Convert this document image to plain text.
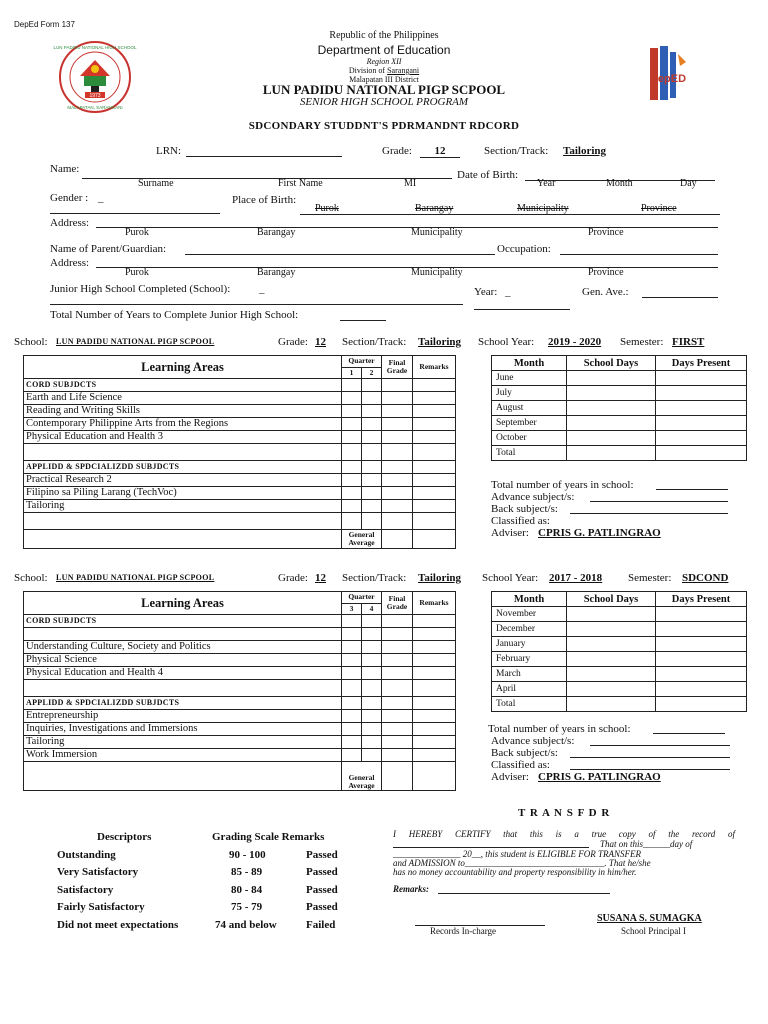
DepEd Form 137
1973
LUN PADIDU NATIONAL HIGH SCHOOL
MALAPATAN, SARANGANI
DepED
Republic of the Philippines
Department of Education
Region XII
Division of Sarangani
Malapatan III District
LUN PADIDU NATIONAL PIGP SCPOOL
SENIOR HIGH SCHOOL PROGRAM
SDCONDARY STUDDNT'S PDRMANDNT RDCORD
LRN:	Grade:	12	Section/Track: Tailoring
Name:
Surname	First Name	MI
Date of Birth:
Year	Month	Day
Gender : _	Place of Birth:
Purok	Barangay	Municipality	Province
Address:
Purok	Barangay	Municipality	Province
Name of Parent/Guardian:	Occupation:
Address:
Purok	Barangay	Municipality	Province
Junior High School Completed (School):	_	Year: _	Gen. Ave.:
Total Number of Years to Complete Junior High School:
School: LUN PADIDU NATIONAL PIGP SCPOOL	Grade: 12 Section/Track: Tailoring School Year: 2019 - 2020 Semester: FIRST
Learning Areas	Quarter		Final Grade	Remarks

	1	2		

CORD SUBJDCTS				
Earth and Life Science				
Reading and Writing Skills				
Contemporary Philippine Arts from the Regions				
Physical Education and Health 3				

APPLIDD & SPDCIALIZDD SUBJDCTS				
Practical Research 2				
Filipino sa Piling Larang (TechVoc)				
Tailoring				

	General Average			

Month	School Days	Days Present
June		
July		
August		
September		
October		
Total		
Total number of years in school:
Advance subject/s:
Back subject/s:
Classified as:
Adviser: CPRIS G. PATLINGRAO
School: LUN PADIDU NATIONAL PIGP SCPOOL	Grade: 12 Section/Track: Tailoring School Year: 2017 - 2018 Semester: SDCOND
Learning Areas	Quarter		Final Grade	Remarks

	3	4		

CORD SUBJDCTS				

Understanding Culture, Society and Politics				
Physical Science				
Physical Education and Health 4				

APPLIDD & SPDCIALIZDD SUBJDCTS				
Entrepreneurship				
Inquiries, Investigations and Immersions				
Tailoring				
Work Immersion				

	General Average			

Month	School Days	Days Present
November		
December		
January		
February		
March		
April		
Total		
Total number of years in school:
Advance subject/s:
Back subject/s:
Classified as:
Adviser: CPRIS G. PATLINGRAO
Descriptors	Grading Scale Remarks
Outstanding	90 - 100	Passed
Very Satisfactory	85 - 89	Passed
Satisfactory	80 - 84	Passed
Fairly Satisfactory	75 - 79	Passed
Did not meet expectations	74 and below	Failed
T R A N S F D R
I HEREBY CERTIFY that this is a true copy of the record of
That on this______day of
_______________ 20__, this student is ELIGIBLE FOR TRANSFER
and ADMISSION to_______________________________. That he/she
has no money accountability and property responsibility in him/her.
Remarks:
Records In-charge
SUSANA S. SUMAGKA
School Principal I
